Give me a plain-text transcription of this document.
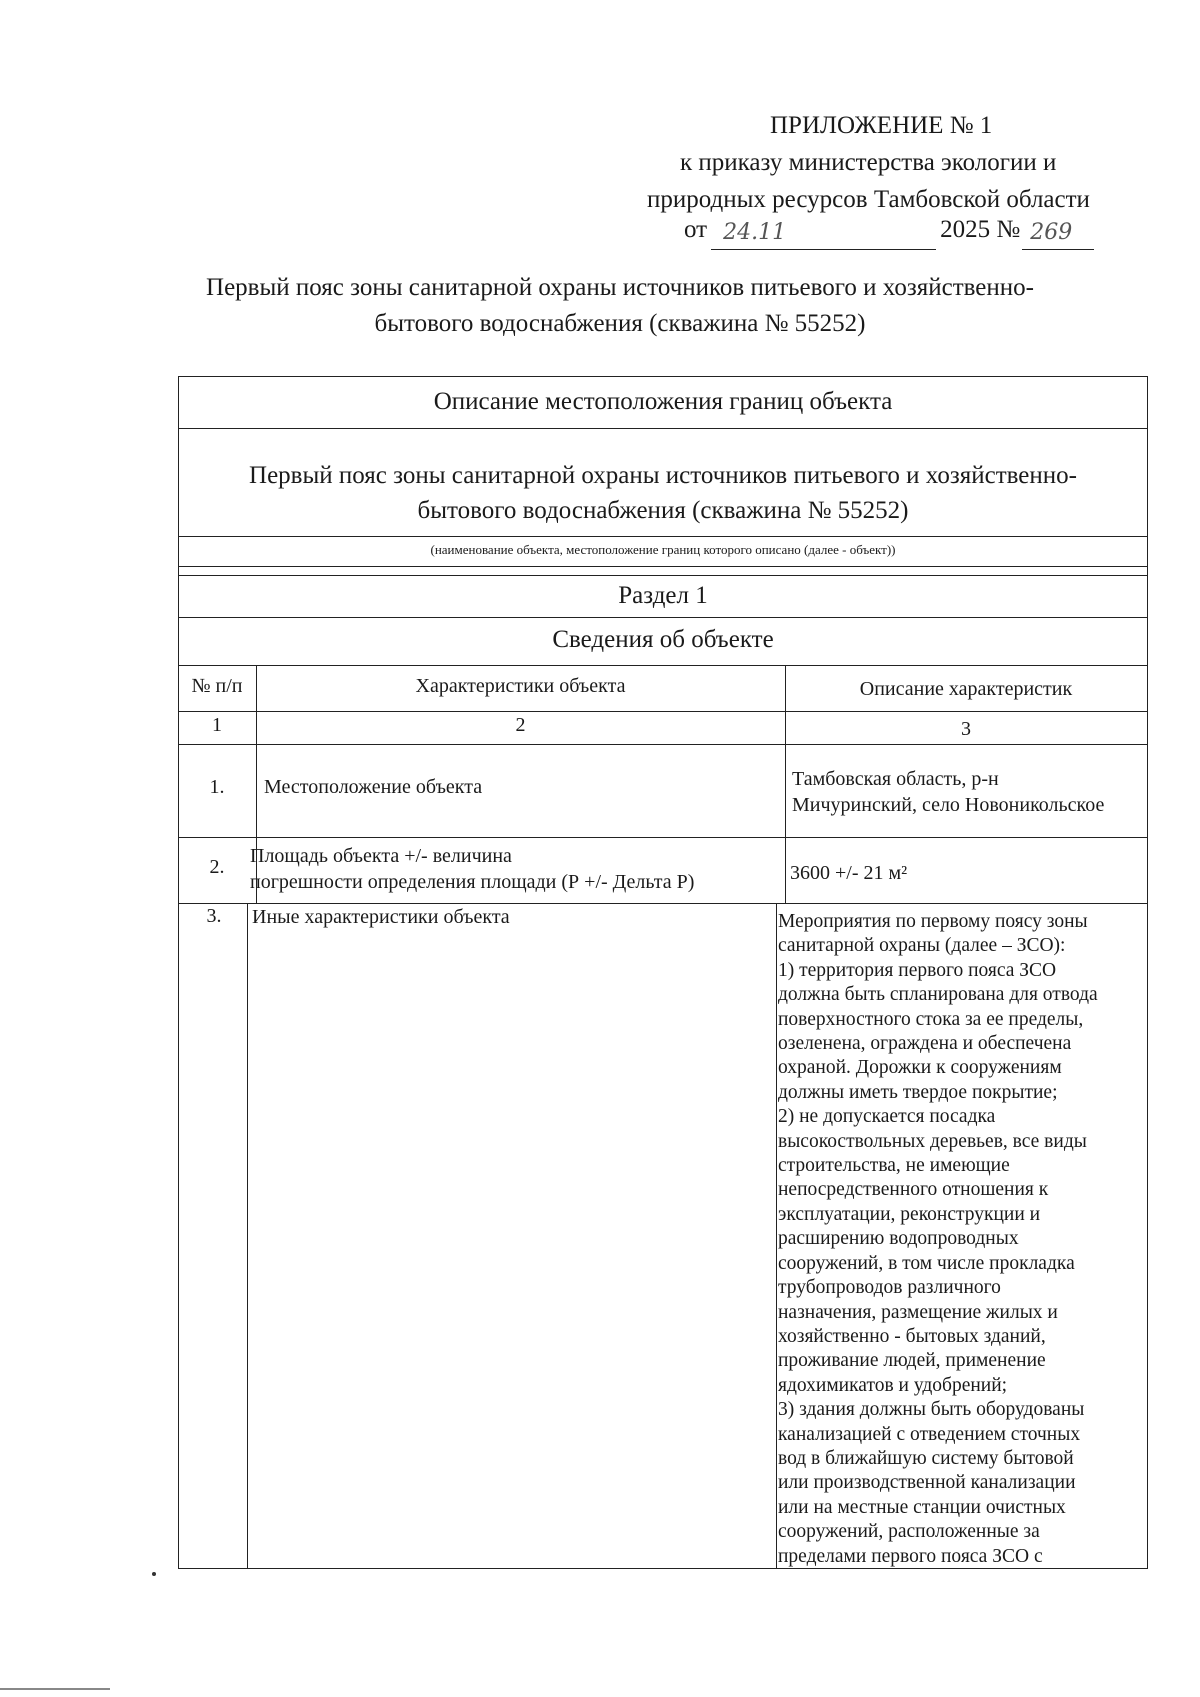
ПРИЛОЖЕНИЕ № 1
к приказу министерства экологии и
природных ресурсов Тамбовской области
от 24.11	2025 № 269
Первый пояс зоны санитарной охраны источников питьевого и хозяйственно-
бытового водоснабжения (скважина № 55252)
Описание местоположения границ объекта
Первый пояс зоны санитарной охраны источников питьевого и хозяйственно-
бытового водоснабжения (скважина № 55252)
(наименование объекта, местоположение границ которого описано (далее - объект))
Раздел 1
Сведения об объекте
№ п/п	Характеристики объекта	Описание характеристик
1	2	3
1.	Местоположение объекта	Тамбовская область, р-н
Мичуринский, село Новоникольское
2.	Площадь объекта +/- величина
погрешности определения площади (Р +/- Дельта Р)	3600 +/- 21 м²
3.	Иные характеристики объекта	Мероприятия по первому поясу зоны
санитарной охраны (далее – ЗСО):
1) территория первого пояса ЗСО
должна быть спланирована для отвода
поверхностного стока за ее пределы,
озеленена, ограждена и обеспечена
охраной. Дорожки к сооружениям
должны иметь твердое покрытие;
2) не допускается посадка
высокоствольных деревьев, все виды
строительства, не имеющие
непосредственного отношения к
эксплуатации, реконструкции и
расширению водопроводных
сооружений, в том числе прокладка
трубопроводов различного
назначения, размещение жилых и
хозяйственно - бытовых зданий,
проживание людей, применение
ядохимикатов и удобрений;
3) здания должны быть оборудованы
канализацией с отведением сточных
вод в ближайшую систему бытовой
или производственной канализации
или на местные станции очистных
сооружений, расположенные за
пределами первого пояса ЗСО с
